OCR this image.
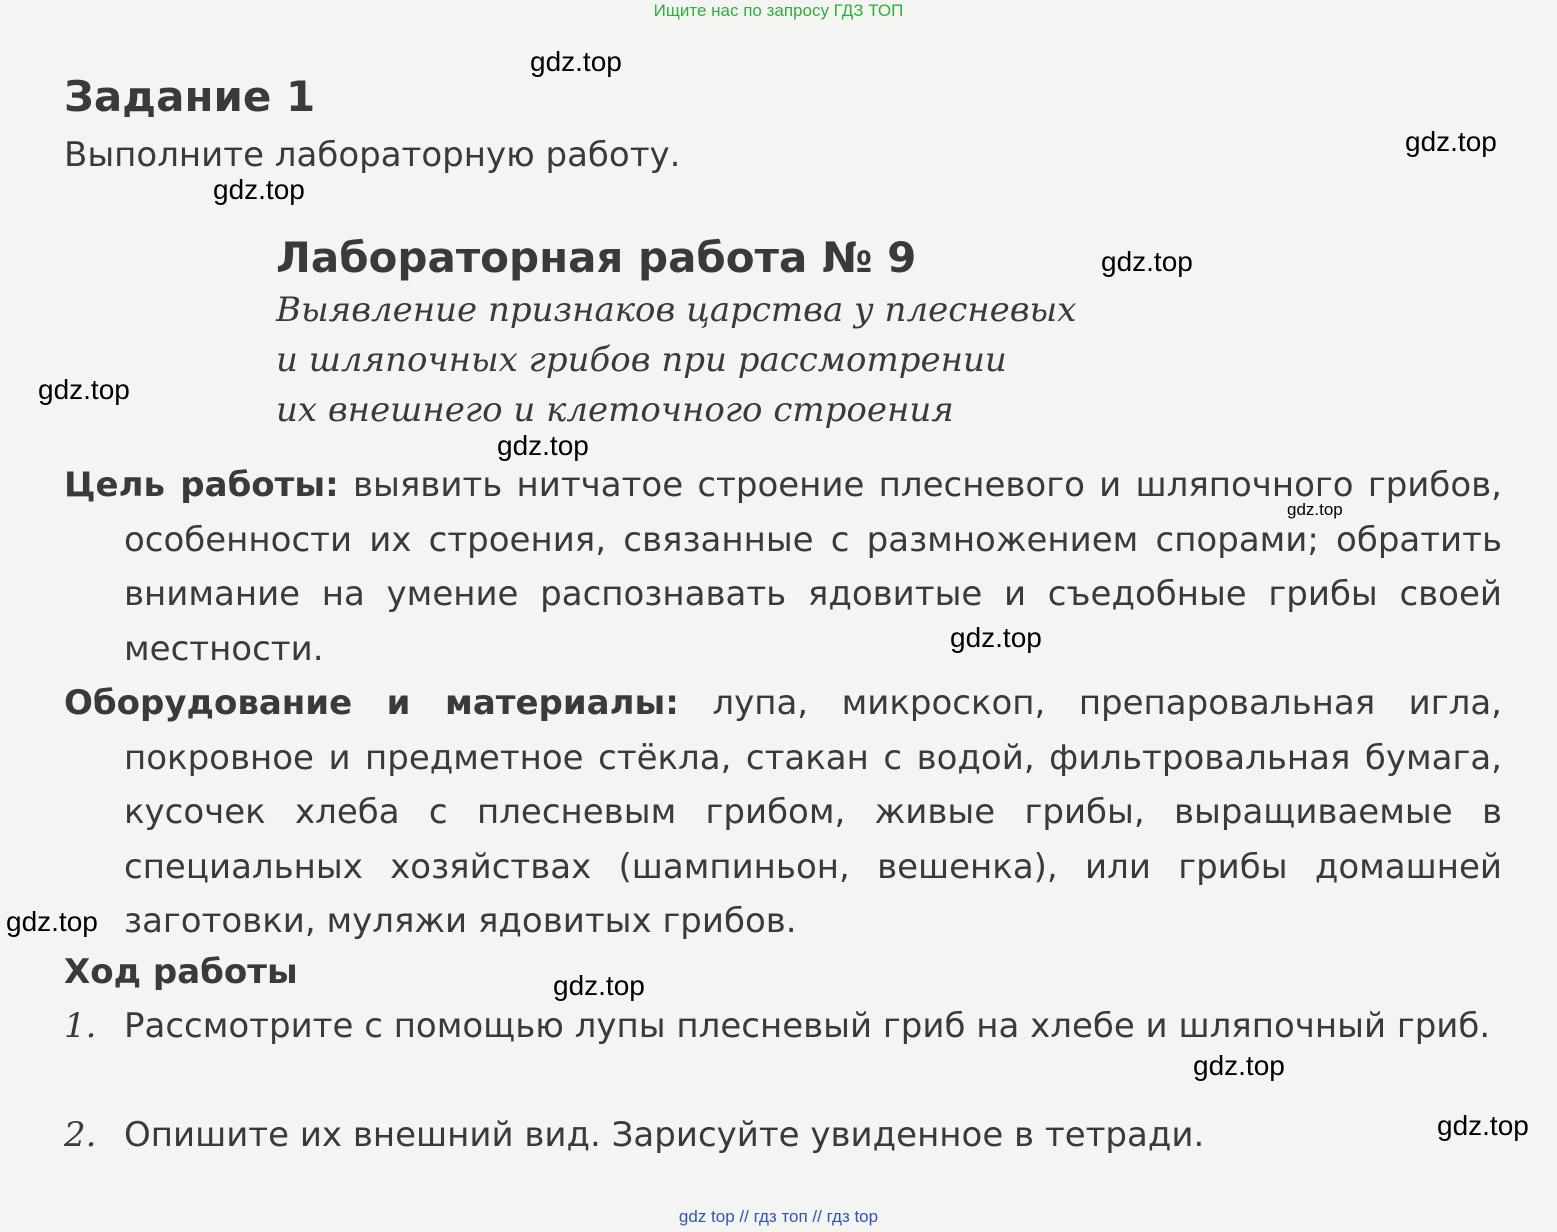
Ищите нас по запросу ГДЗ ТОП
Задание 1
Выполните лабораторную работу.
Лабораторная работа № 9
Выявление признаков царства у плесневых
и шляпочных грибов при рассмотрении
их внешнего и клеточного строения
Цель работы: выявить нитчатое строение плесневого и шляпочного грибов, особенности их строения, связанные с размножением спорами; обратить внимание на умение распознавать ядовитые и съедобные грибы своей местности.
Оборудование и материалы: лупа, микроскоп, препаровальная игла, покровное и предметное стёкла, стакан с водой, фильтровальная бумага, кусочек хлеба с плесневым грибом, живые грибы, выращиваемые в специальных хозяйствах (шампиньон, вешенка), или грибы домашней заготовки, муляжи ядовитых грибов.
Ход работы
1. Рассмотрите с помощью лупы плесневый гриб на хлебе и шляпочный гриб.
2. Опишите их внешний вид. Зарисуйте увиденное в тетради.
gdz.top
gdz.top
gdz.top
gdz.top
gdz.top
gdz.top
gdz.top
gdz.top
gdz.top
gdz.top
gdz.top
gdz.top
gdz top // гдз топ // гдз top
